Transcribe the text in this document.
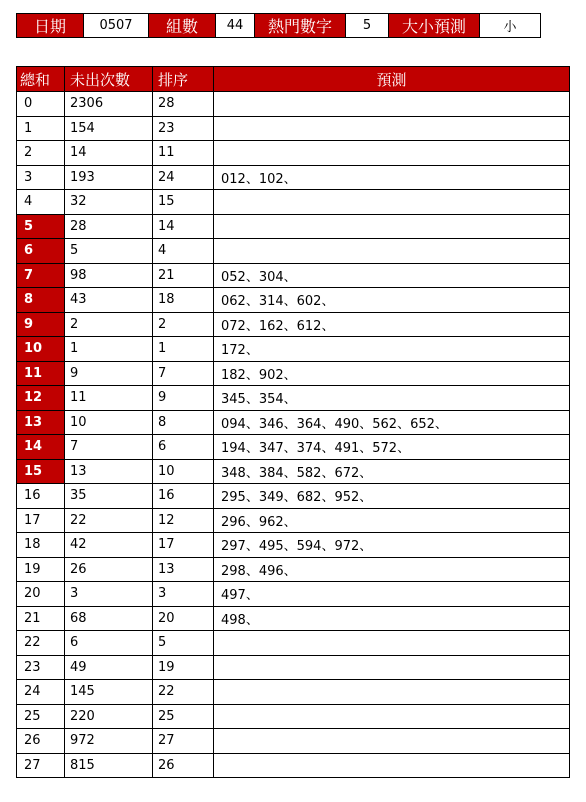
日期	0507	組數	44	熱門數字	5	大小預測	小
總和	未出次數	排序	預測
0	2306	28	
1	154	23	
2	14	11	
3	193	24	012、102、
4	32	15	
5	28	14	
6	5	4	
7	98	21	052、304、
8	43	18	062、314、602、
9	2	2	072、162、612、
10	1	1	172、
11	9	7	182、902、
12	11	9	345、354、
13	10	8	094、346、364、490、562、652、
14	7	6	194、347、374、491、572、
15	13	10	348、384、582、672、
16	35	16	295、349、682、952、
17	22	12	296、962、
18	42	17	297、495、594、972、
19	26	13	298、496、
20	3	3	497、
21	68	20	498、
22	6	5	
23	49	19	
24	145	22	
25	220	25	
26	972	27	
27	815	26	
